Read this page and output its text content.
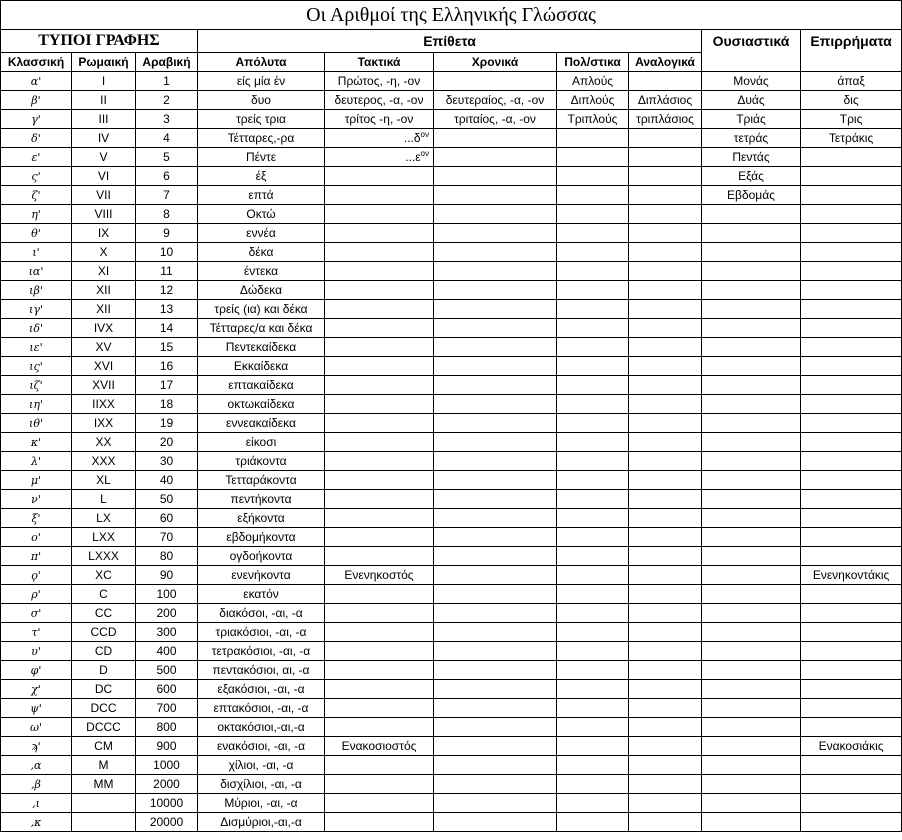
Οι Αριθμοί της Ελληνικής Γλώσσας									
ΤΥΠΟΙ ΓΡΑΦΗΣ			Επίθετα					Ουσιαστικά	Επιρρήματα
Κλασσική	Ρωμαική	Αραβική	Απόλυτα	Τακτικά	Χρονικά	Πολ/στικα	Αναλογικά		
α'	I	1	είς μία έν	Πρώτος, -η, -ον		Απλούς		Μονάς	άπαξ
β'	II	2	δυο	δευτερος, -α, -ον	δευτεραίος, -α, -ον	Διπλούς	Διπλάσιος	Δυάς	δις
γ'	III	3	τρείς τρια	τρίτος -η, -ον	τριταίος, -α, -ον	Τριπλούς	τριπλάσιος	Τριάς	Τρις
δ'	IV	4	Τέτταρες,-ρα	$...\delta^{o\nu}$				τετράς	Τετράκις
ε'	V	5	Πέντε	$...\varepsilon^{o\nu}$				Πεντάς	
ς'	VI	6	έξ					Εξάς	
ζ'	VII	7	επτά					Εβδομάς	
η'	VIII	8	Οκτώ						
θ'	IX	9	εννέα						
ι'	X	10	δέκα						
ια'	XI	11	έντεκα						
ιβ'	XII	12	Δώδεκα						
ιγ'	XII	13	τρείς (ια) και δέκα						
ιδ'	IVX	14	Τέτταρες/α και δέκα						
ιε'	XV	15	Πεντεκαίδεκα						
ις'	XVI	16	Εκκαίδεκα						
ιζ'	XVII	17	επτακαίδεκα						
ιη'	IIXX	18	οκτωκαίδεκα						
ιθ'	IXX	19	εννεακαίδεκα						
κ'	XX	20	είκοσι						
λ'	XXX	30	τριάκοντα						
μ'	XL	40	Τετταράκοντα						
ν'	L	50	πεντήκοντα						
ξ'	LX	60	εξήκοντα						
ο'	LXX	70	εβδομήκοντα						
π'	LXXX	80	ογδοήκοντα						
ϙ'	XC	90	ενενήκοντα	Ενενηκοστός					Ενενηκοντάκις
ρ'	C	100	εκατόν						
σ'	CC	200	διακόσοι, -αι, -α						
τ'	CCD	300	τριακόσιοι, -αι, -α						
υ'	CD	400	τετρακόσιοι, -αι, -α						
φ'	D	500	πεντακόσιοι, αι, -α						
χ'	DC	600	εξακόσιοι, -αι, -α						
ψ'	DCC	700	επτακόσιοι, -αι, -α						
ω'	DCCC	800	οκτακόσιοι,-αι,-α						
ϡ'	CM	900	ενακόσιοι, -αι, -α	Ενακοσιοστός					Ενακοσιάκις
,α	M	1000	χίλιοι, -αι, -α						
,β	MM	2000	δισχίλιοι, -αι, -α						
,ι		10000	Μύριοι, -αι, -α						
,κ		20000	Δισμύριοι,-αι,-α						
